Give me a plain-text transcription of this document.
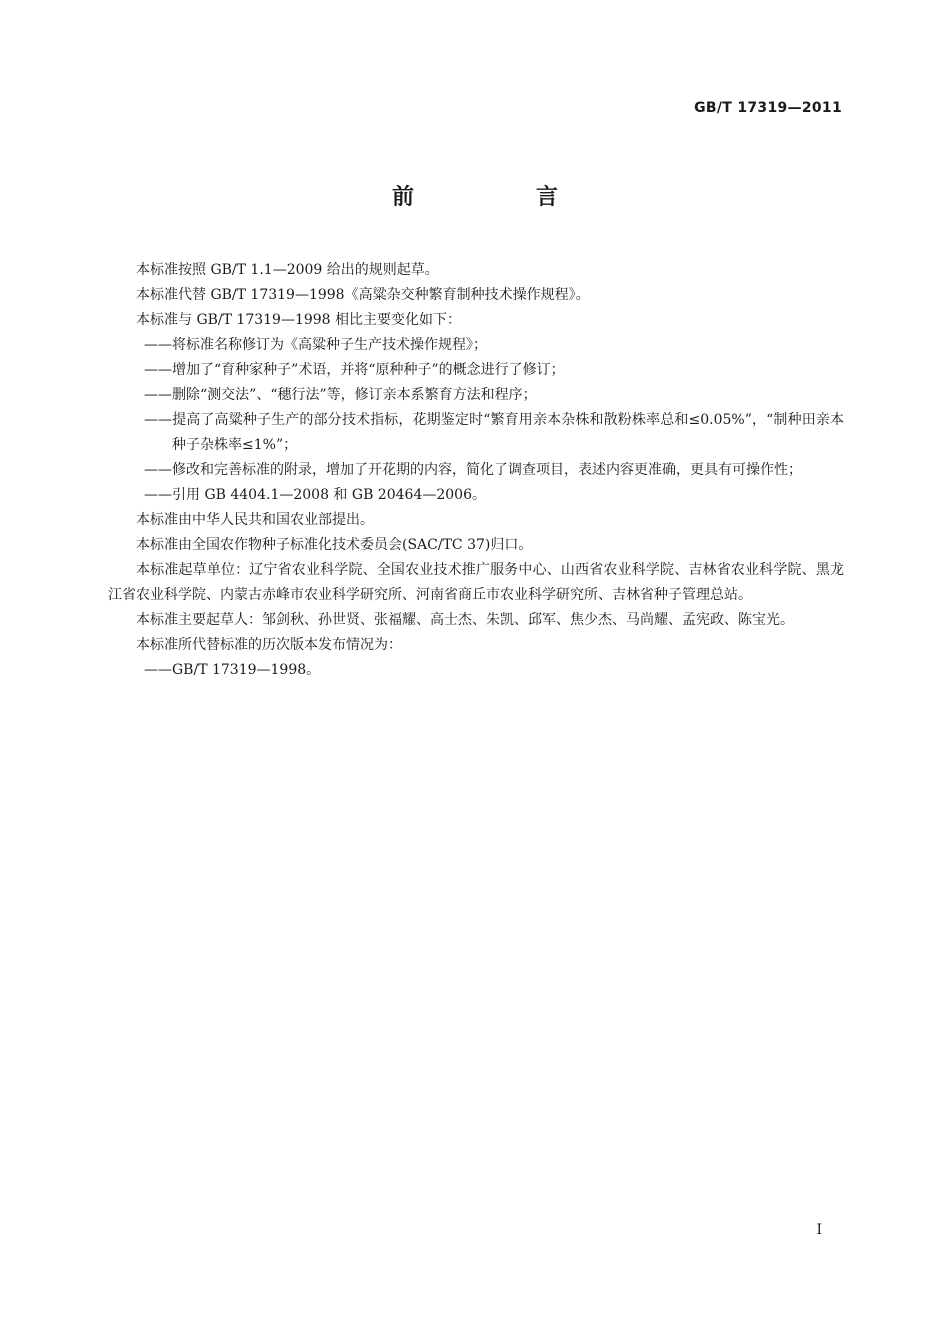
GB/T 17319—2011
前　言

本标准按照 GB/T 1.1—2009 给出的规则起草。

本标准代替 GB/T 17319—1998《高粱杂交种繁育制种技术操作规程》。

本标准与 GB/T 17319—1998 相比主要变化如下：

——将标准名称修订为《高粱种子生产技术操作规程》；

——增加了“育种家种子”术语，并将“原种种子”的概念进行了修订；

——删除“测交法”、“穗行法”等，修订亲本系繁育方法和程序；

——提高了高粱种子生产的部分技术指标，花期鉴定时“繁育用亲本杂株和散粉株率总和≤0.05%”，“制种田亲本种子杂株率≤1%”；

——修改和完善标准的附录，增加了开花期的内容，简化了调查项目，表述内容更准确，更具有可操作性；

——引用 GB 4404.1—2008 和 GB 20464—2006。

本标准由中华人民共和国农业部提出。

本标准由全国农作物种子标准化技术委员会(SAC/TC 37)归口。

本标准起草单位：辽宁省农业科学院、全国农业技术推广服务中心、山西省农业科学院、吉林省农业科学院、黑龙江省农业科学院、内蒙古赤峰市农业科学研究所、河南省商丘市农业科学研究所、吉林省种子管理总站。

本标准主要起草人：邹剑秋、孙世贤、张福耀、高士杰、朱凯、邱军、焦少杰、马尚耀、孟宪政、陈宝光。

本标准所代替标准的历次版本发布情况为：

——GB/T 17319—1998。

I
